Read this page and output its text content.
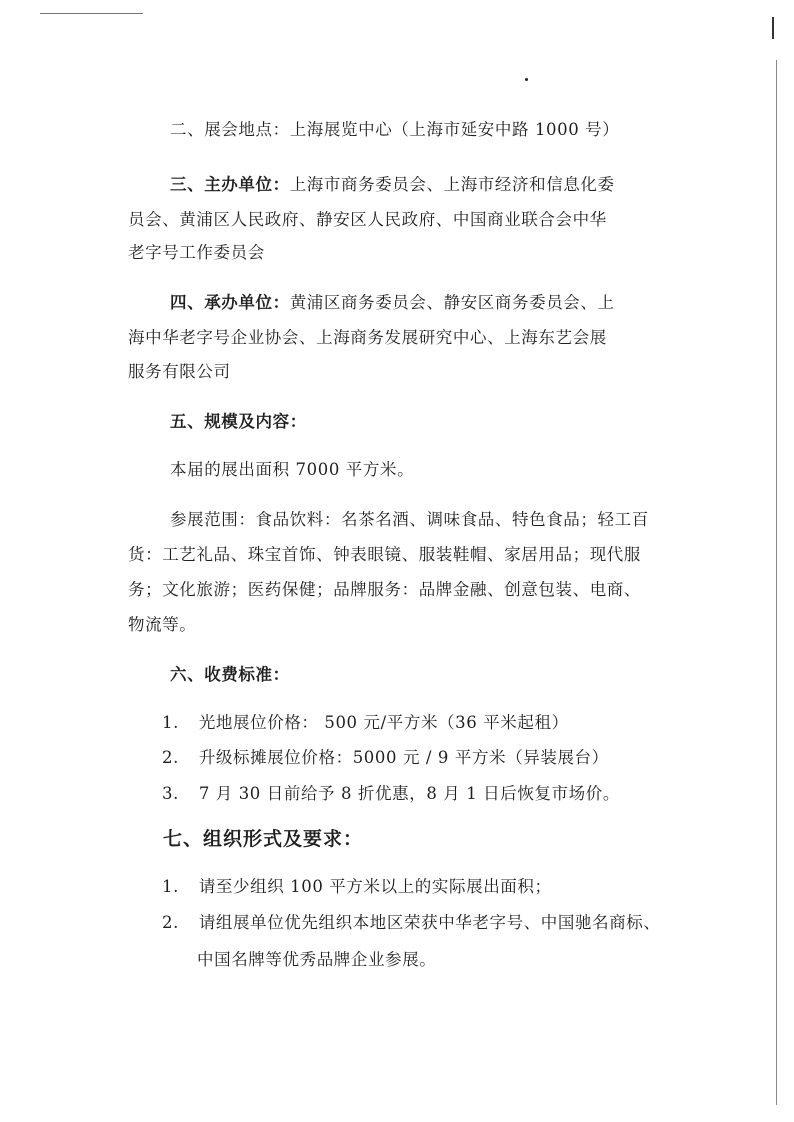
二、展会地点：上海展览中心（上海市延安中路 1000 号）
三、主办单位：上海市商务委员会、上海市经济和信息化委
员会、黄浦区人民政府、静安区人民政府、中国商业联合会中华
老字号工作委员会
四、承办单位：黄浦区商务委员会、静安区商务委员会、上
海中华老字号企业协会、上海商务发展研究中心、上海东艺会展
服务有限公司
五、规模及内容：
本届的展出面积 7000 平方米。
参展范围：食品饮料：名茶名酒、调味食品、特色食品；轻工百
货：工艺礼品、珠宝首饰、钟表眼镜、服装鞋帽、家居用品；现代服
务；文化旅游；医药保健；品牌服务：品牌金融、创意包装、电商、
物流等。
六、收费标准：
1. 光地展位价格： 500 元/平方米（36 平米起租）
2. 升级标摊展位价格：5000 元 / 9 平方米（异装展台）
3. 7 月 30 日前给予 8 折优惠，8 月 1 日后恢复市场价。
七、组织形式及要求：
1. 请至少组织 100 平方米以上的实际展出面积；
2. 请组展单位优先组织本地区荣获中华老字号、中国驰名商标、
中国名牌等优秀品牌企业参展。
